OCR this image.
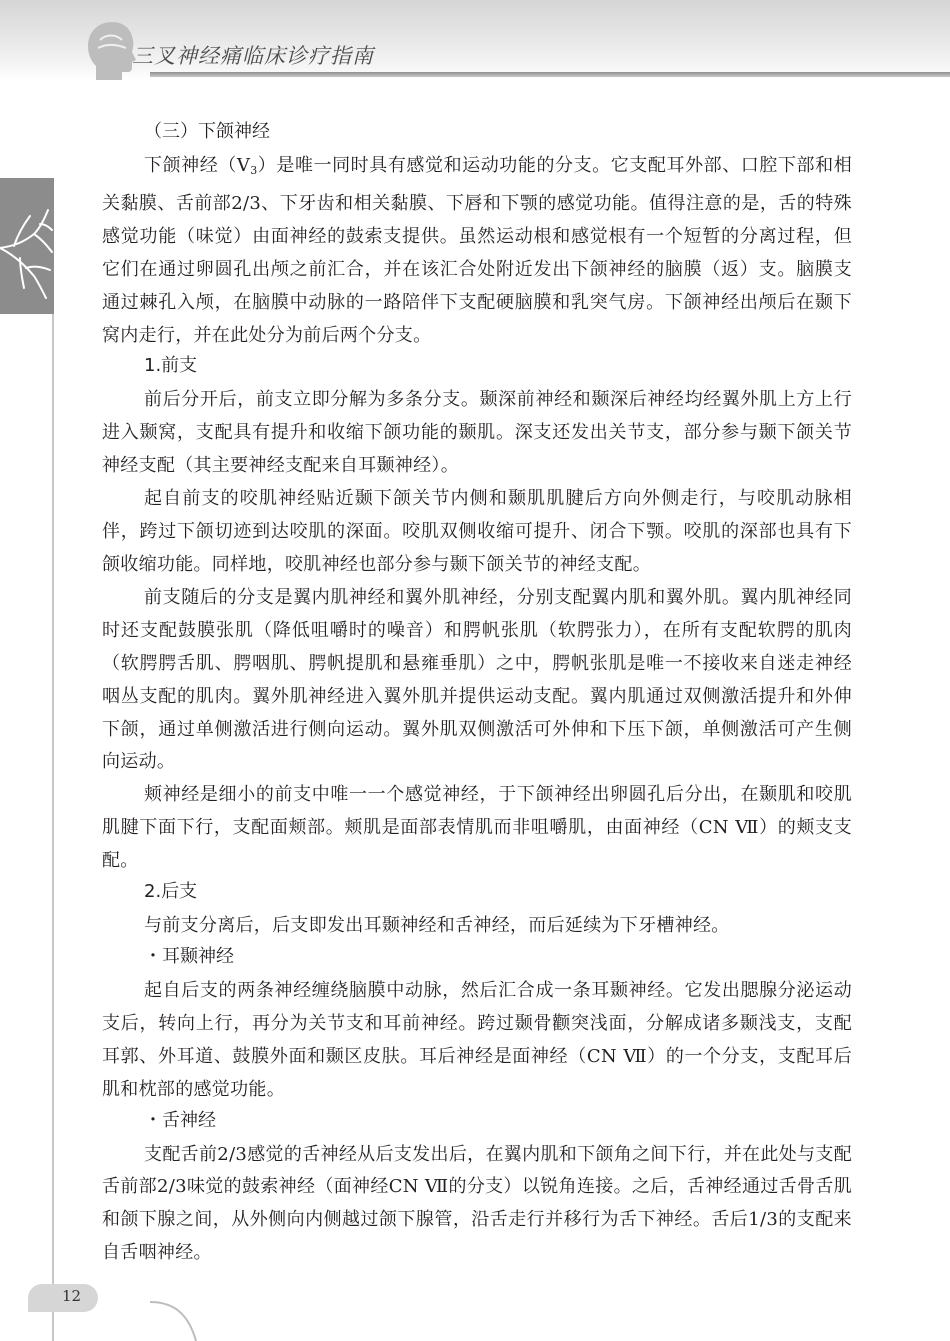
三叉神经痛临床诊疗指南
（三）下颌神经

下颌神经$(V_3)$是唯一同时具有感觉和运动功能的分支。它支配耳外部、口腔下部和相关黏膜、舌前部2/3、下牙齿和相关黏膜、下唇和下颚的感觉功能。值得注意的是，舌的特殊感觉功能（味觉）由面神经的鼓索支提供。虽然运动根和感觉根有一个短暂的分离过程，但它们在通过卵圆孔出颅之前汇合，并在该汇合处附近发出下颌神经的脑膜（返）支。脑膜支通过棘孔入颅，在脑膜中动脉的一路陪伴下支配硬脑膜和乳突气房。下颌神经出颅后在颞下窝内走行，并在此处分为前后两个分支。

1.前支

前后分开后，前支立即分解为多条分支。颞深前神经和颞深后神经均经翼外肌上方上行进入颞窝，支配具有提升和收缩下颌功能的颞肌。深支还发出关节支，部分参与颞下颌关节神经支配（其主要神经支配来自耳颞神经）。

起自前支的咬肌神经贴近颞下颌关节内侧和颞肌肌腱后方向外侧走行，与咬肌动脉相伴，跨过下颌切迹到达咬肌的深面。咬肌双侧收缩可提升、闭合下颚。咬肌的深部也具有下颌收缩功能。同样地，咬肌神经也部分参与颞下颌关节的神经支配。

前支随后的分支是翼内肌神经和翼外肌神经，分别支配翼内肌和翼外肌。翼内肌神经同时还支配鼓膜张肌（降低咀嚼时的噪音）和腭帆张肌（软腭张力），在所有支配软腭的肌肉（软腭腭舌肌、腭咽肌、腭帆提肌和悬雍垂肌）之中，腭帆张肌是唯一不接收来自迷走神经咽丛支配的肌肉。翼外肌神经进入翼外肌并提供运动支配。翼内肌通过双侧激活提升和外伸下颌，通过单侧激活进行侧向运动。翼外肌双侧激活可外伸和下压下颌，单侧激活可产生侧向运动。

颊神经是细小的前支中唯一一个感觉神经，于下颌神经出卵圆孔后分出，在颞肌和咬肌肌腱下面下行，支配面颊部。颊肌是面部表情肌而非咀嚼肌，由面神经（CN Ⅶ）的颊支支配。

2.后支

与前支分离后，后支即发出耳颞神经和舌神经，而后延续为下牙槽神经。

・耳颞神经

起自后支的两条神经缠绕脑膜中动脉，然后汇合成一条耳颞神经。它发出腮腺分泌运动支后，转向上行，再分为关节支和耳前神经。跨过颞骨颧突浅面，分解成诸多颞浅支，支配耳郭、外耳道、鼓膜外面和颞区皮肤。耳后神经是面神经（CN Ⅶ）的一个分支，支配耳后肌和枕部的感觉功能。

・舌神经

支配舌前2/3感觉的舌神经从后支发出后，在翼内肌和下颌角之间下行，并在此处与支配舌前部2/3味觉的鼓索神经（面神经CN Ⅶ的分支）以锐角连接。之后，舌神经通过舌骨舌肌和颌下腺之间，从外侧向内侧越过颌下腺管，沿舌走行并移行为舌下神经。舌后1/3的支配来自舌咽神经。

12
